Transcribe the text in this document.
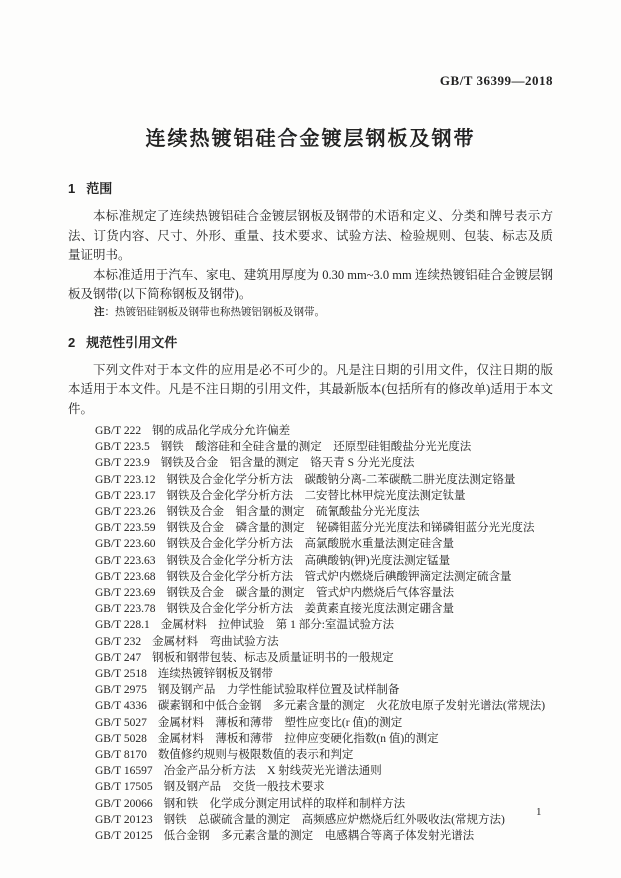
GB/T 36399—2018
连续热镀铝硅合金镀层钢板及钢带
1 范围

本标准规定了连续热镀铝硅合金镀层钢板及钢带的术语和定义、分类和牌号表示方法、订货内容、尺寸、外形、重量、技术要求、试验方法、检验规则、包装、标志及质量证明书。

本标准适用于汽车、家电、建筑用厚度为 0.30 mm~3.0 mm 连续热镀铝硅合金镀层钢板及钢带(以下简称钢板及钢带)。

注：热镀铝硅钢板及钢带也称热镀铝钢板及钢带。

2 规范性引用文件

下列文件对于本文件的应用是必不可少的。凡是注日期的引用文件，仅注日期的版本适用于本文件。凡是不注日期的引用文件，其最新版本(包括所有的修改单)适用于本文件。

GB/T 222 钢的成品化学成分允许偏差
GB/T 223.5 钢铁　酸溶硅和全硅含量的测定　还原型硅钼酸盐分光光度法
GB/T 223.9 钢铁及合金　铝含量的测定　铬天青 S 分光光度法
GB/T 223.12 钢铁及合金化学分析方法　碳酸钠分离-二苯碳酰二肼光度法测定铬量
GB/T 223.17 钢铁及合金化学分析方法　二安替比林甲烷光度法测定钛量
GB/T 223.26 钢铁及合金　钼含量的测定　硫氰酸盐分光光度法
GB/T 223.59 钢铁及合金　磷含量的测定　铋磷钼蓝分光光度法和锑磷钼蓝分光光度法
GB/T 223.60 钢铁及合金化学分析方法　高氯酸脱水重量法测定硅含量
GB/T 223.63 钢铁及合金化学分析方法　高碘酸钠(钾)光度法测定锰量
GB/T 223.68 钢铁及合金化学分析方法　管式炉内燃烧后碘酸钾滴定法测定硫含量
GB/T 223.69 钢铁及合金　碳含量的测定　管式炉内燃烧后气体容量法
GB/T 223.78 钢铁及合金化学分析方法　姜黄素直接光度法测定硼含量
GB/T 228.1 金属材料　拉伸试验　第 1 部分:室温试验方法
GB/T 232 金属材料　弯曲试验方法
GB/T 247 钢板和钢带包装、标志及质量证明书的一般规定
GB/T 2518 连续热镀锌钢板及钢带
GB/T 2975 钢及钢产品　力学性能试验取样位置及试样制备
GB/T 4336 碳素钢和中低合金钢　多元素含量的测定　火花放电原子发射光谱法(常规法)
GB/T 5027 金属材料　薄板和薄带　塑性应变比(r 值)的测定
GB/T 5028 金属材料　薄板和薄带　拉伸应变硬化指数(n 值)的测定
GB/T 8170 数值修约规则与极限数值的表示和判定
GB/T 16597 冶金产品分析方法　X 射线荧光光谱法通则
GB/T 17505 钢及钢产品　交货一般技术要求
GB/T 20066 钢和铁　化学成分测定用试样的取样和制样方法
GB/T 20123 钢铁　总碳硫含量的测定　高频感应炉燃烧后红外吸收法(常规方法)
GB/T 20125 低合金钢　多元素含量的测定　电感耦合等离子体发射光谱法
1
